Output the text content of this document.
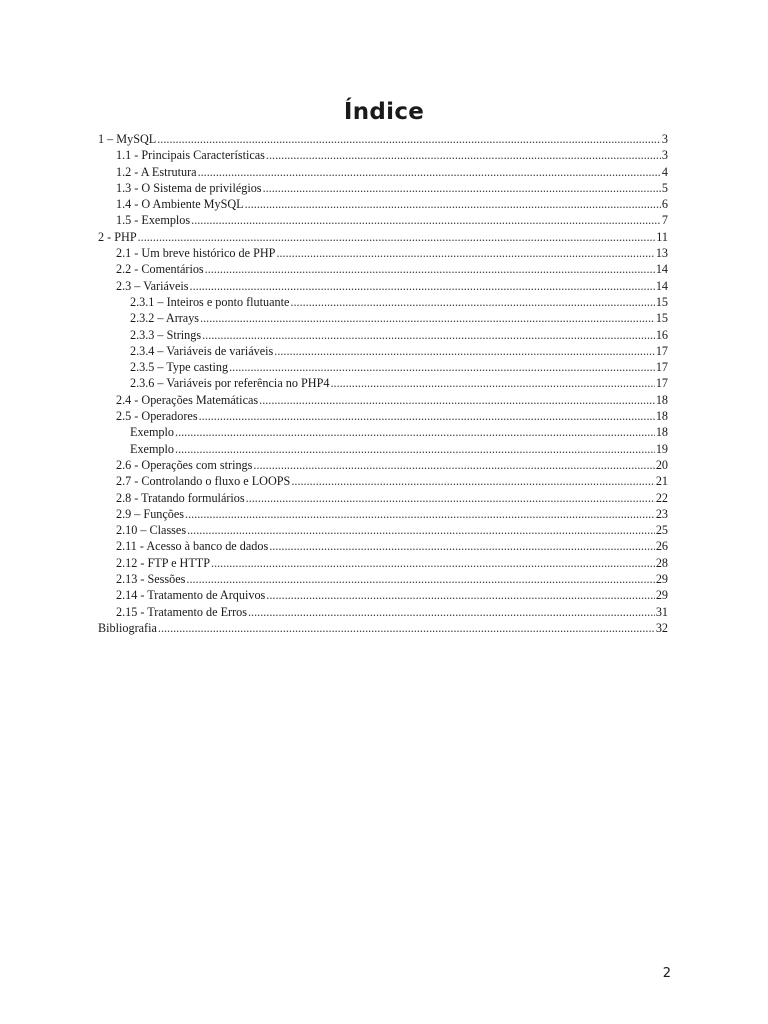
Índice
1 – MySQL .....	3
1.1 - Principais Características .....	3
1.2 - A Estrutura .....	4
1.3 - O Sistema de privilégios .....	5
1.4 - O Ambiente MySQL .....	6
1.5 - Exemplos .....	7
2 - PHP .....	11
2.1 - Um breve histórico de PHP .....	13
2.2 - Comentários .....	14
2.3 – Variáveis .....	14
2.3.1 – Inteiros e ponto flutuante .....	15
2.3.2 – Arrays .....	15
2.3.3 – Strings .....	16
2.3.4 – Variáveis de variáveis .....	17
2.3.5 – Type casting .....	17
2.3.6 – Variáveis por referência no PHP4 .....	17
2.4 - Operações Matemáticas .....	18
2.5 - Operadores .....	18
Exemplo .....	18
Exemplo .....	19
2.6 - Operações com strings .....	20
2.7 - Controlando o fluxo e LOOPS .....	21
2.8 - Tratando formulários .....	22
2.9 – Funções .....	23
2.10 – Classes .....	25
2.11 - Acesso à banco de dados .....	26
2.12 - FTP e HTTP .....	28
2.13 - Sessões .....	29
2.14 - Tratamento de Arquivos .....	29
2.15 - Tratamento de Erros .....	31
Bibliografia .....	32
2
